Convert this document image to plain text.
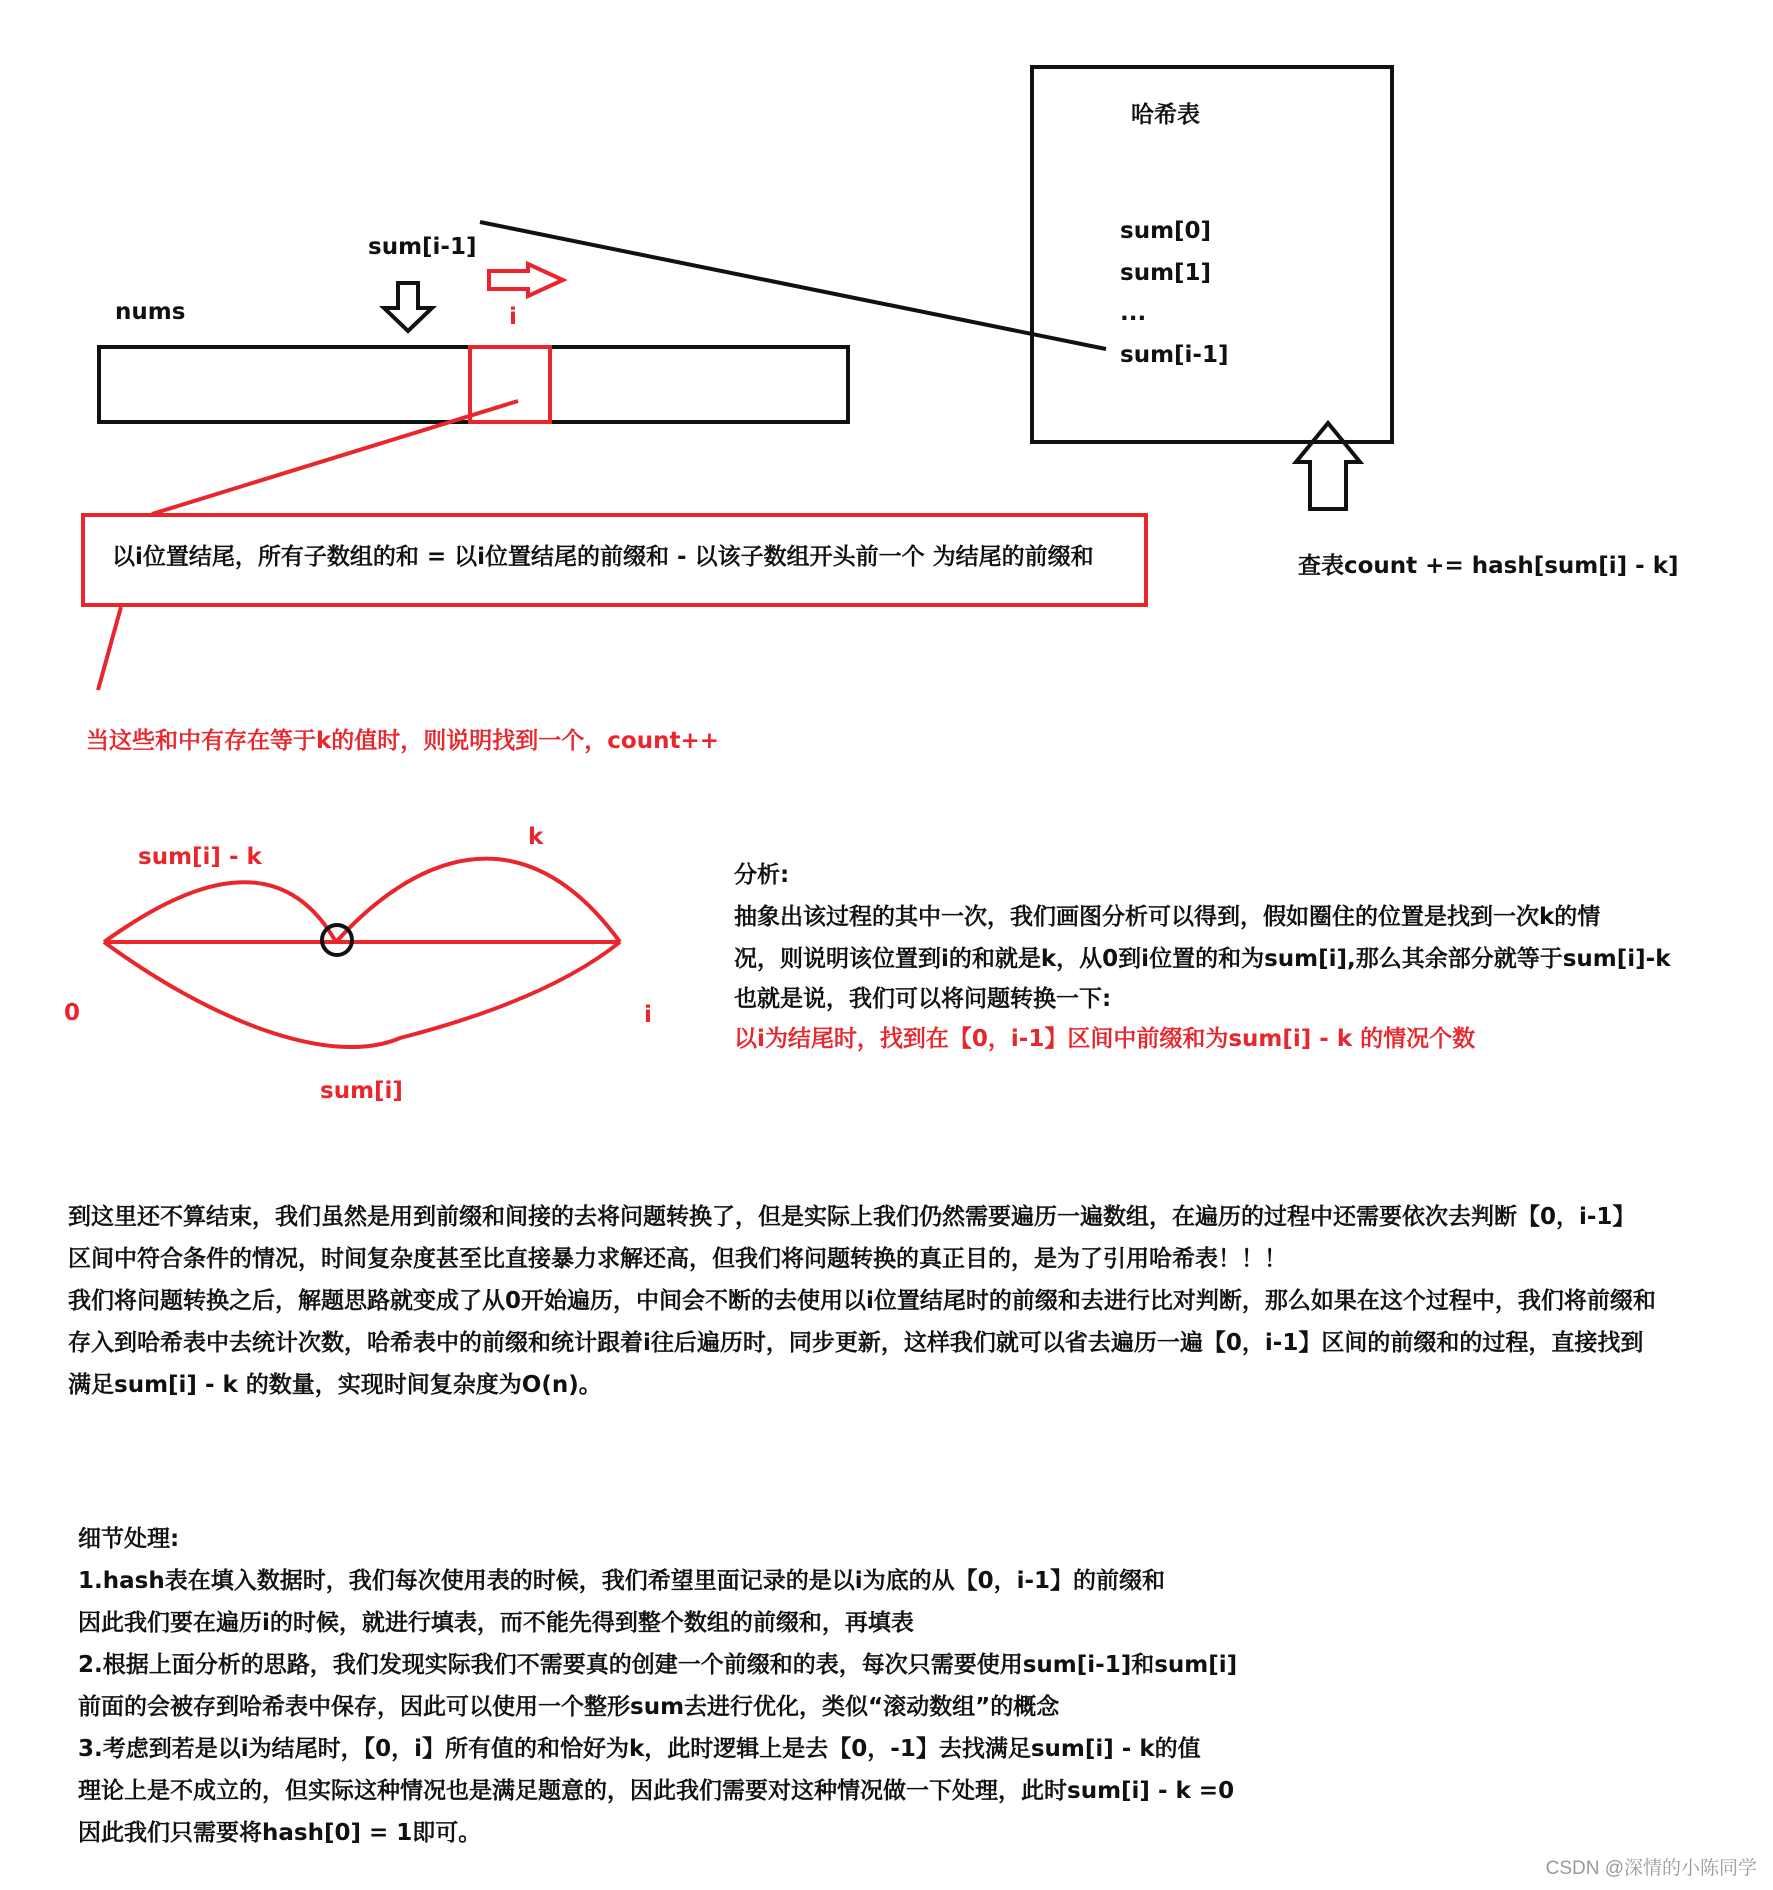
sum[i-1]
nums	i
哈希表
sum[0]
sum[1]
...
sum[i-1]
查表count += hash[sum[i] - k]
以i位置结尾，所有子数组的和 = 以i位置结尾的前缀和 - 以该子数组开头前一个 为结尾的前缀和
当这些和中有存在等于k的值时，则说明找到一个，count++
sum[i] - k
k
0	i
sum[i]
分析:
抽象出该过程的其中一次，我们画图分析可以得到，假如圈住的位置是找到一次k的情
况，则说明该位置到i的和就是k，从0到i位置的和为sum[i],那么其余部分就等于sum[i]-k
也就是说，我们可以将问题转换一下:
以i为结尾时，找到在【0，i-1】区间中前缀和为sum[i] - k 的情况个数
到这里还不算结束，我们虽然是用到前缀和间接的去将问题转换了，但是实际上我们仍然需要遍历一遍数组，在遍历的过程中还需要依次去判断【0，i-1】
区间中符合条件的情况，时间复杂度甚至比直接暴力求解还高，但我们将问题转换的真正目的，是为了引用哈希表！！！
我们将问题转换之后，解题思路就变成了从0开始遍历，中间会不断的去使用以i位置结尾时的前缀和去进行比对判断，那么如果在这个过程中，我们将前缀和
存入到哈希表中去统计次数，哈希表中的前缀和统计跟着i往后遍历时，同步更新，这样我们就可以省去遍历一遍【0，i-1】区间的前缀和的过程，直接找到
满足sum[i] - k 的数量，实现时间复杂度为O(n)。
细节处理:
1.hash表在填入数据时，我们每次使用表的时候，我们希望里面记录的是以i为底的从【0，i-1】的前缀和
因此我们要在遍历i的时候，就进行填表，而不能先得到整个数组的前缀和，再填表
2.根据上面分析的思路，我们发现实际我们不需要真的创建一个前缀和的表，每次只需要使用sum[i-1]和sum[i]
前面的会被存到哈希表中保存，因此可以使用一个整形sum去进行优化，类似“滚动数组”的概念
3.考虑到若是以i为结尾时，【0，i】所有值的和恰好为k，此时逻辑上是去【0，-1】去找满足sum[i] - k的值
理论上是不成立的，但实际这种情况也是满足题意的，因此我们需要对这种情况做一下处理，此时sum[i] - k =0
因此我们只需要将hash[0] = 1即可。
CSDN @深情的小陈同学
